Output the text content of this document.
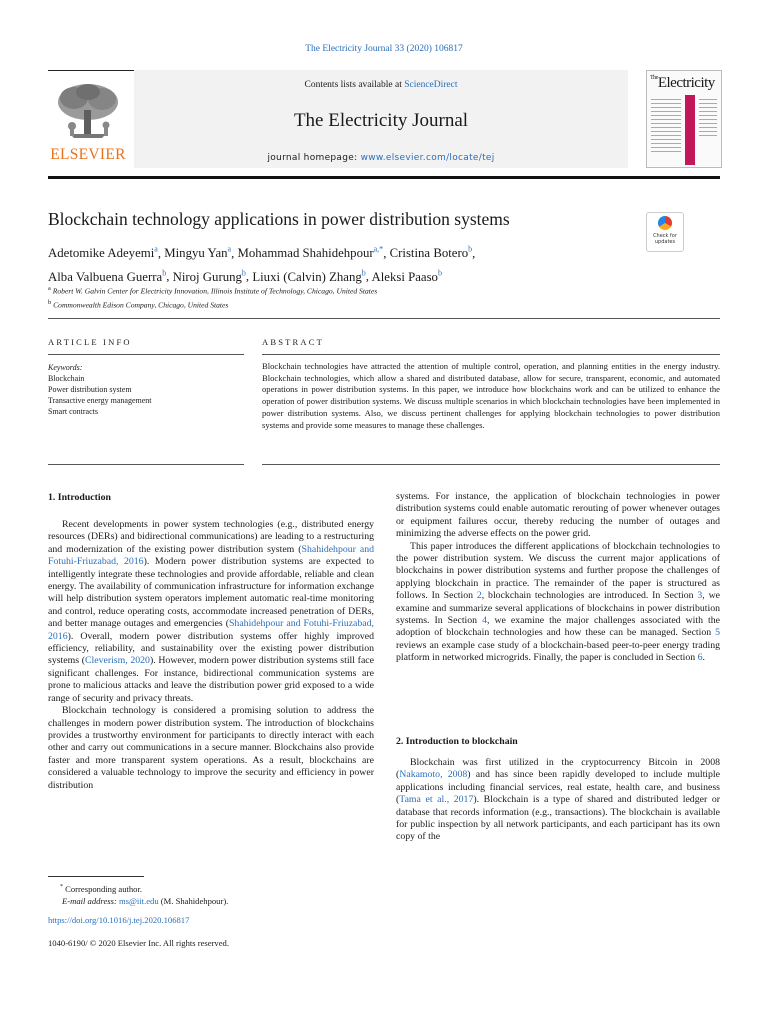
The Electricity Journal 33 (2020) 106817
ELSEVIER
Contents lists available at ScienceDirect
The Electricity Journal
journal homepage: www.elsevier.com/locate/tej
$^{The}$Electricity
Blockchain technology applications in power distribution systems
Check for updates
Adetomike Adeyemi$^a$, Mingyu Yan$^a$, Mohammad Shahidehpour$^{a,*}$, Cristina Botero$^b$,
Alba Valbuena Guerra$^b$, Niroj Gurung$^b$, Liuxi (Calvin) Zhang$^b$, Aleksi Paaso$^b$
$^a$ Robert W. Galvin Center for Electricity Innovation, Illinois Institute of Technology, Chicago, United States
$^b$ Commonwealth Edison Company, Chicago, United States
ARTICLE INFO	ABSTRACT
Keywords:
Blockchain
Power distribution system
Transactive energy management
Smart contracts
Blockchain technologies have attracted the attention of multiple control, operation, and planning entities in the energy industry. Blockchain technologies, which allow a shared and distributed database, allow for secure, transparent, economic, and automated operations in power distribution systems. In this paper, we introduce how blockchains work and can be utilized to enhance the operation of power distribution systems. We discuss multiple scenarios in which blockchain technologies have been implemented in power distribution systems. Also, we discuss pertinent challenges for applying blockchain technologies to power distribution systems and provide some measures to manage these challenges.
1. Introduction

Recent developments in power system technologies (e.g., distributed energy resources (DERs) and bidirectional communications) are leading to a restructuring and modernization of the existing power distribution system (Shahidehpour and Fotuhi-Friuzabad, 2016). Modern power distribution systems are expected to intelligently integrate these technologies and provide affordable, reliable and clean energy. The availability of communication infrastructure for information exchange will help distribution system operators implement automatic real-time monitoring and control, reduce operating costs, accommodate increased penetration of DERs, and better manage outages and emergencies (Shahidehpour and Fotuhi-Friuzabad, 2016). Overall, modern power distribution systems offer highly improved efficiency, reliability, and sustainability over the existing power distribution systems (Cleverism, 2020). However, modern power distribution systems still face significant challenges. For instance, bidirectional communication systems are prone to malicious attacks and leave the distribution power grid exposed to a wide range of security and privacy threats.

Blockchain technology is considered a promising solution to address the challenges in modern power distribution system. The introduction of blockchains provides a trustworthy environment for participants to directly interact with each other and carry out communications in a secure manner. Blockchains also provide faster and more transparent system operations. As a result, blockchains are considered a valuable technology to improve the security and efficiency in power distribution

systems. For instance, the application of blockchain technologies in power distribution systems could enable automatic rerouting of power whenever outages or equipment failures occur, thereby reducing the number of outages and minimizing the adverse effects on the power grid.

This paper introduces the different applications of blockchain technologies to the power distribution system. We discuss the current major applications of blockchains in power distribution systems and further propose the challenges of applying blockchain in practice. The remainder of the paper is structured as follows. In Section 2, blockchain technologies are introduced. In Section 3, we examine and summarize several applications of blockchains in power distribution systems. In Section 4, we examine the major challenges associated with the adoption of blockchain technologies and how these can be managed. Section 5 reviews an example case study of a blockchain-based peer-to-peer energy trading platform in networked microgrids. Finally, the paper is concluded in Section 6.

2. Introduction to blockchain

Blockchain was first utilized in the cryptocurrency Bitcoin in 2008 (Nakamoto, 2008) and has since been rapidly developed to include multiple applications including financial services, real estate, health care, and business (Tama et al., 2017). Blockchain is a type of shared and distributed ledger or database that records information (e.g., transactions). The blockchain is available for public inspection by all network participants, and each participant has its own copy of the

* Corresponding author.
E-mail address: ms@iit.edu (M. Shahidehpour).
https://doi.org/10.1016/j.tej.2020.106817
1040-6190/ © 2020 Elsevier Inc. All rights reserved.
